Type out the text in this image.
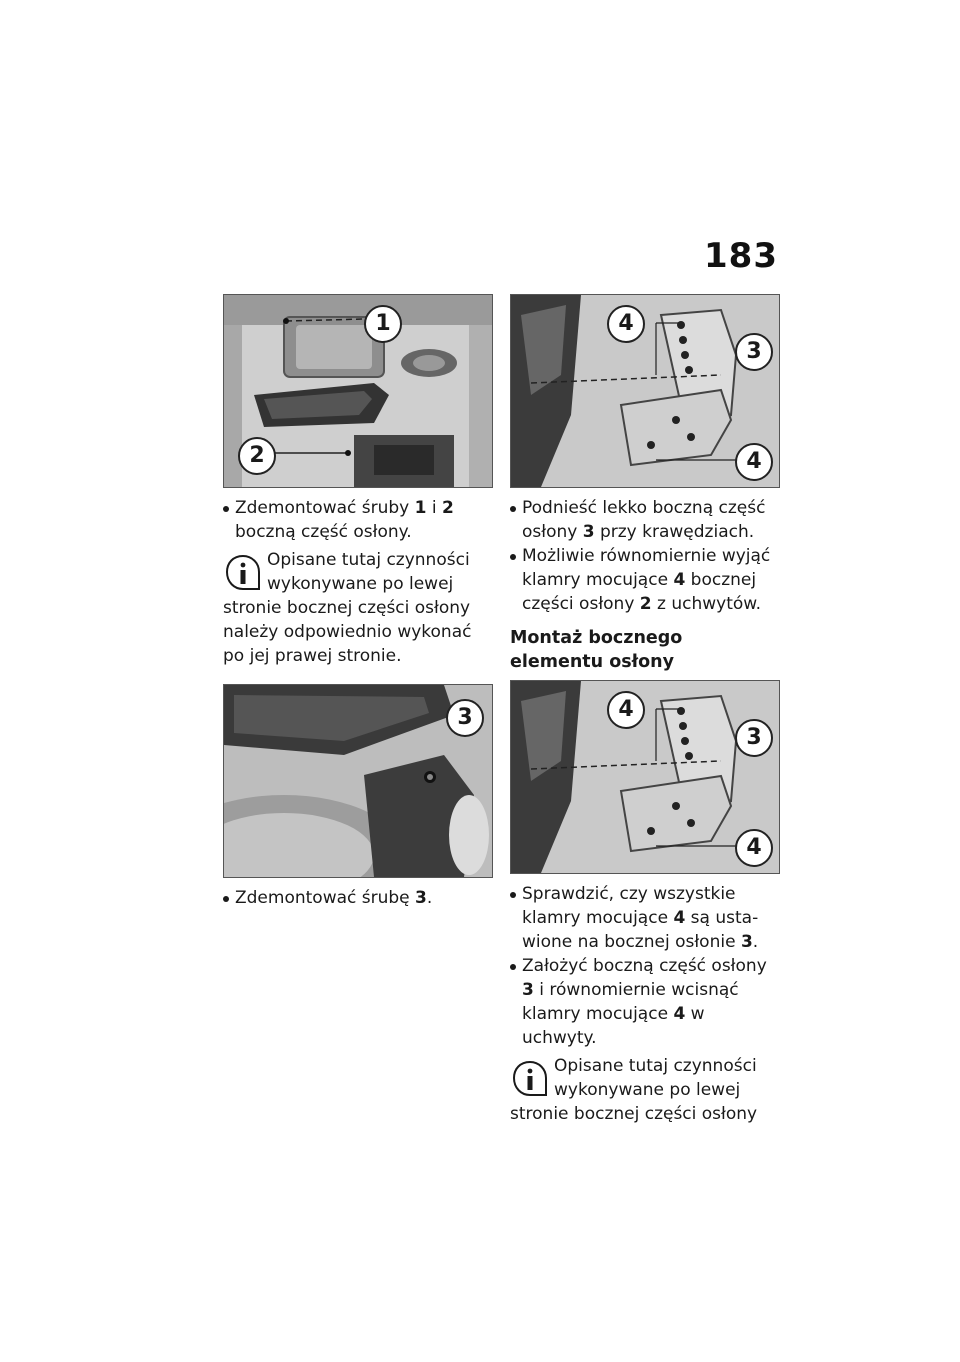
183
1
2

Zdemontować śruby 1 i 2
boczną część osłony.

Opisane tutaj czynności
wykonywane po lewej
stronie bocznej części osłony należy odpowiednio wykonać po jej prawej stronie.
3

Zdemontować śrubę 3.

4
3
4

Podnieść lekko boczną część osłony 3 przy krawędziach.

Możliwie równomiernie wyjąć klamry mocujące 4 bocznej części osłony 2 z uchwytów.

Montaż bocznego elementu osłony
4
3
4

Sprawdzić, czy wszystkie klamry mocujące 4 są usta- wione na bocznej osłonie 3.

Założyć boczną część osłony 3 i równomiernie wcisnąć klamry mocujące 4 w uchwyty.

Opisane tutaj czynności
wykonywane po lewej
stronie bocznej części osłony
